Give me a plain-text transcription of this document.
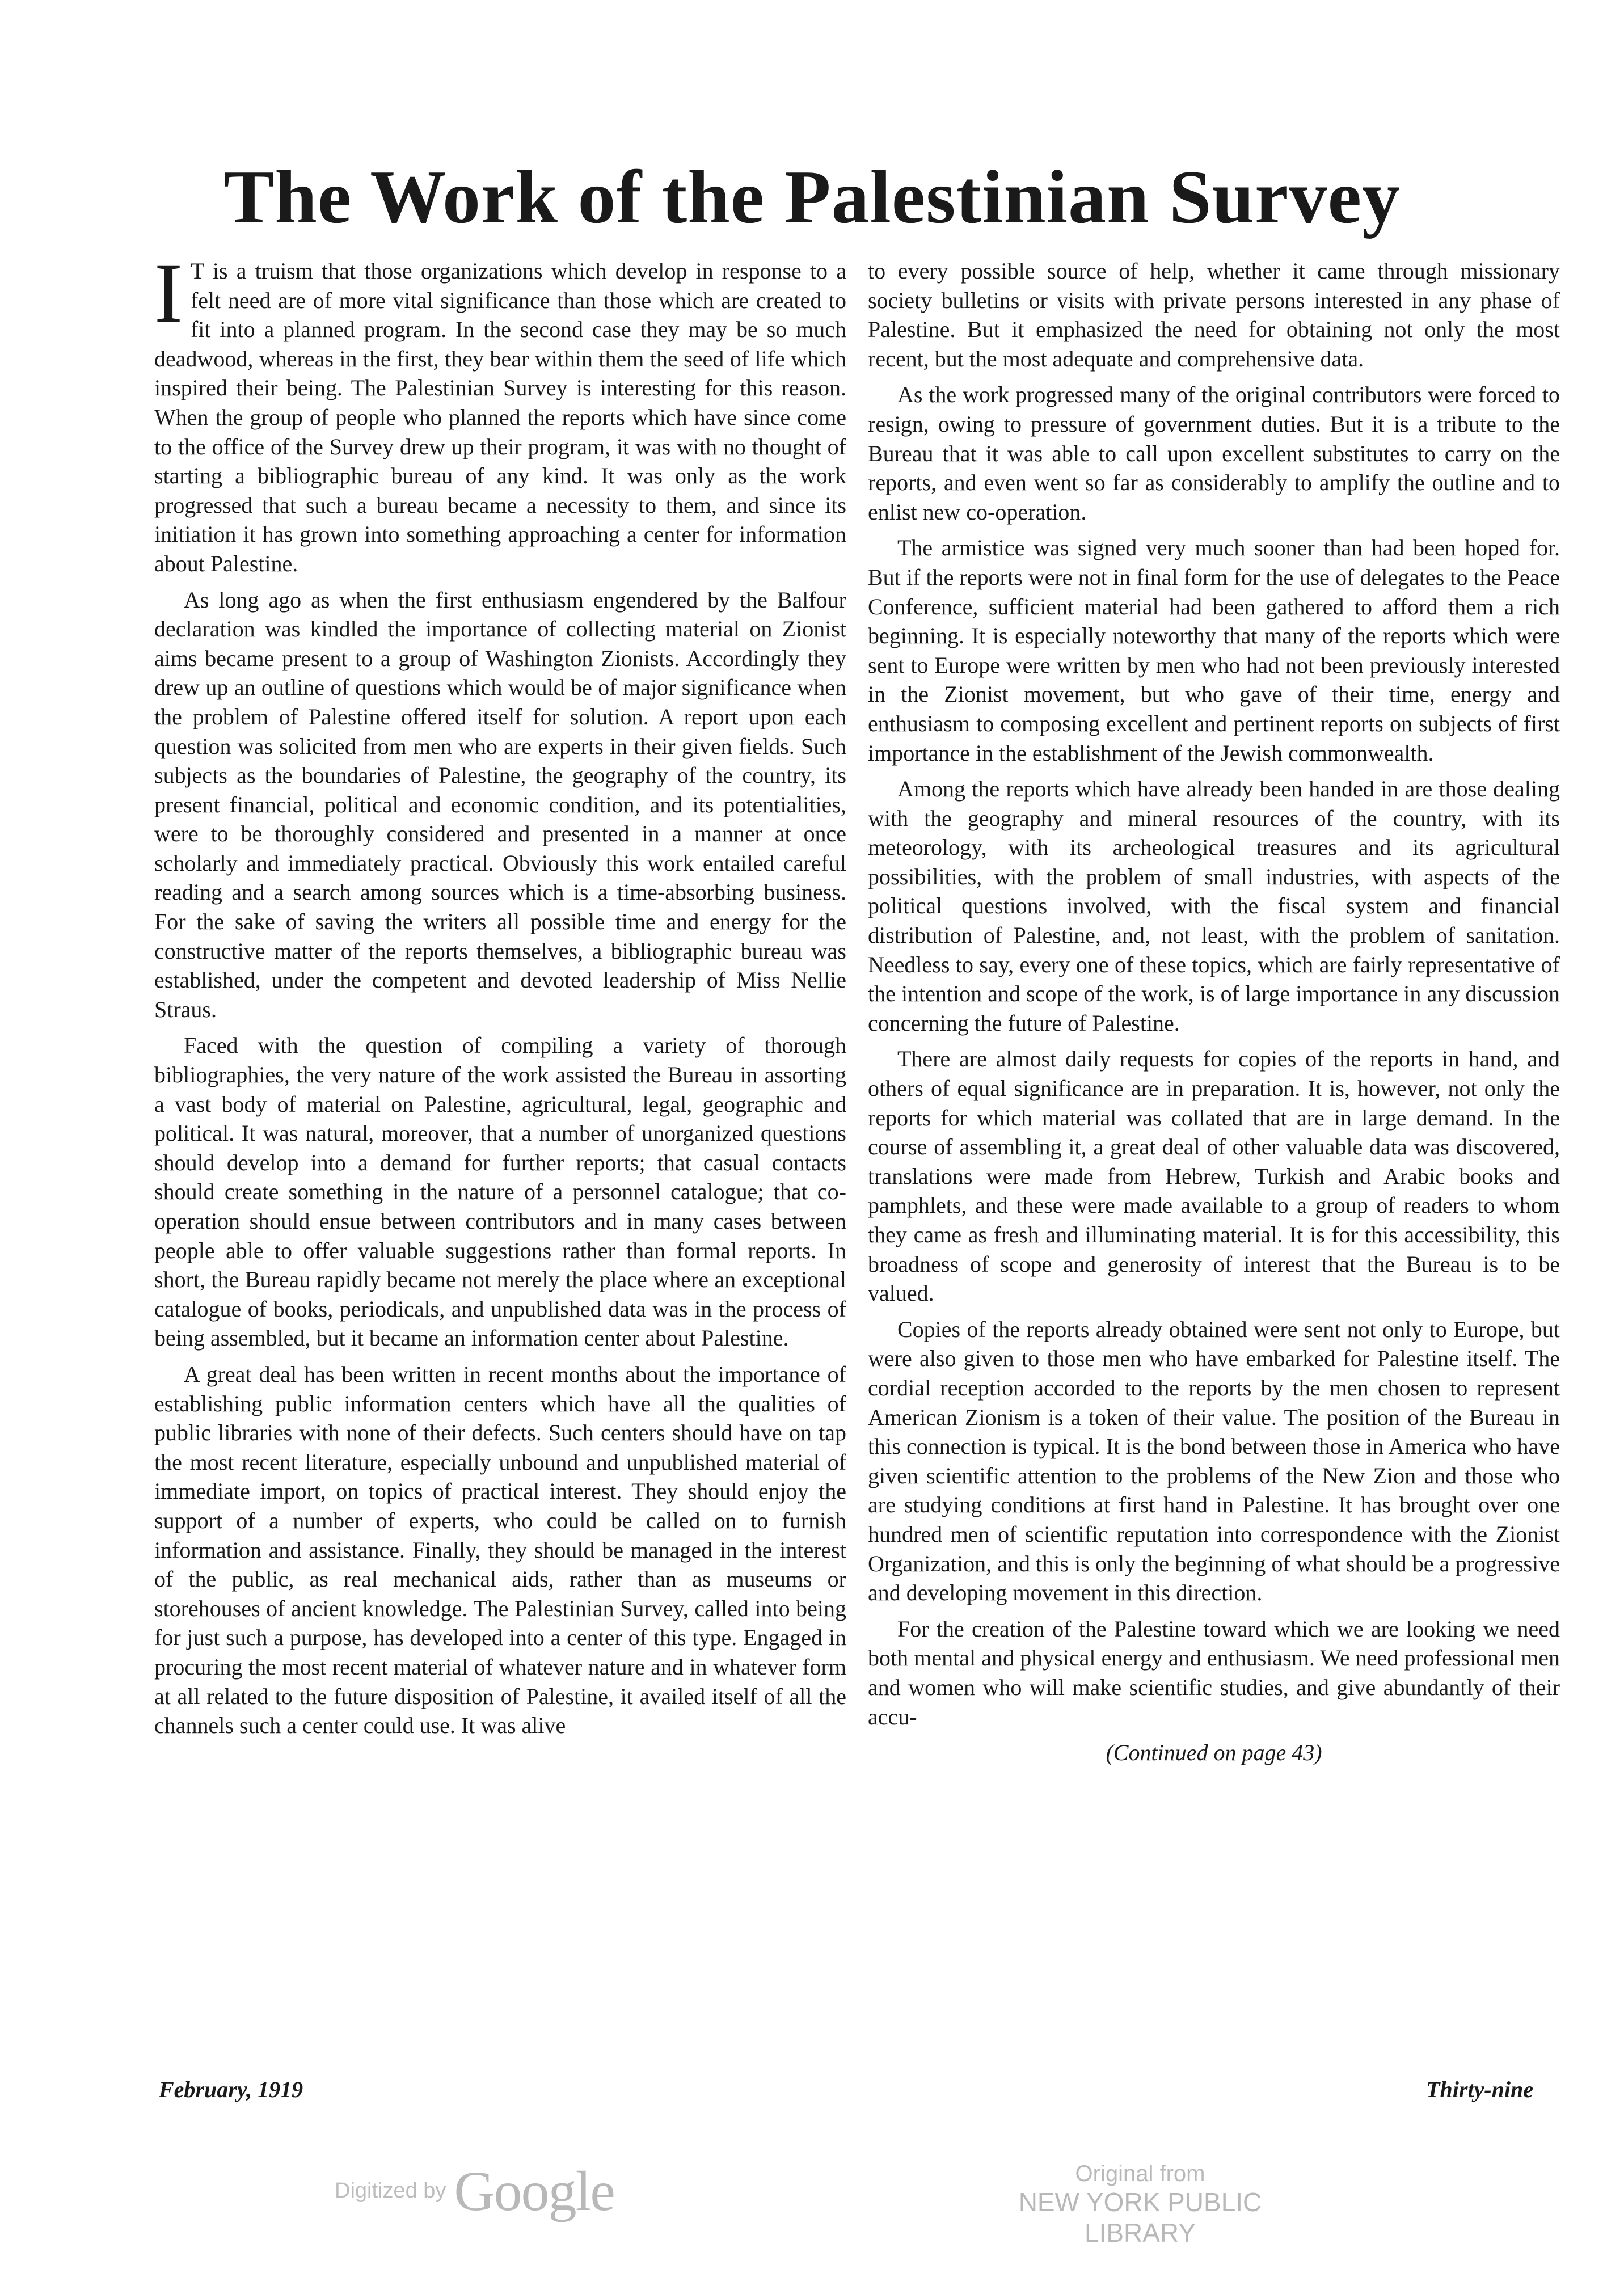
The Work of the Palestinian Survey

I T is a truism that those organizations which develop in response to a felt need are of more vital significance than those which are created to fit into a planned program. In the second case they may be so much deadwood, whereas in the first, they bear within them the seed of life which inspired their being. The Palestinian Survey is interesting for this reason. When the group of people who planned the reports which have since come to the office of the Survey drew up their program, it was with no thought of starting a bibliographic bureau of any kind. It was only as the work progressed that such a bureau became a necessity to them, and since its initiation it has grown into something approaching a center for information about Palestine.

As long ago as when the first enthusiasm engendered by the Balfour declaration was kindled the importance of collecting material on Zionist aims became present to a group of Washington Zionists. Accordingly they drew up an outline of questions which would be of major significance when the problem of Palestine offered itself for solution. A report upon each question was solicited from men who are experts in their given fields. Such subjects as the boundaries of Palestine, the geography of the country, its present financial, political and economic condition, and its potentialities, were to be thoroughly considered and presented in a manner at once scholarly and immediately practical. Obviously this work entailed careful reading and a search among sources which is a time-absorbing business. For the sake of saving the writers all possible time and energy for the constructive matter of the reports themselves, a bibliographic bureau was established, under the competent and devoted leadership of Miss Nellie Straus.

Faced with the question of compiling a variety of thorough bibliographies, the very nature of the work assisted the Bureau in assorting a vast body of material on Palestine, agricultural, legal, geographic and political. It was natural, moreover, that a number of unorganized questions should develop into a demand for further reports; that casual contacts should create something in the nature of a personnel catalogue; that co-operation should ensue between contributors and in many cases between people able to offer valuable suggestions rather than formal reports. In short, the Bureau rapidly became not merely the place where an exceptional catalogue of books, periodicals, and unpublished data was in the process of being assembled, but it became an information center about Palestine.

A great deal has been written in recent months about the importance of establishing public information centers which have all the qualities of public libraries with none of their defects. Such centers should have on tap the most recent literature, especially unbound and unpublished material of immediate import, on topics of practical interest. They should enjoy the support of a number of experts, who could be called on to furnish information and assistance. Finally, they should be managed in the interest of the public, as real mechanical aids, rather than as museums or storehouses of ancient knowledge. The Palestinian Survey, called into being for just such a purpose, has developed into a center of this type. Engaged in procuring the most recent material of whatever nature and in whatever form at all related to the future disposition of Palestine, it availed itself of all the channels such a center could use. It was alive

to every possible source of help, whether it came through missionary society bulletins or visits with private persons interested in any phase of Palestine. But it emphasized the need for obtaining not only the most recent, but the most adequate and comprehensive data.

As the work progressed many of the original contributors were forced to resign, owing to pressure of government duties. But it is a tribute to the Bureau that it was able to call upon excellent substitutes to carry on the reports, and even went so far as considerably to amplify the outline and to enlist new co-operation.

The armistice was signed very much sooner than had been hoped for. But if the reports were not in final form for the use of delegates to the Peace Conference, sufficient material had been gathered to afford them a rich beginning. It is especially noteworthy that many of the reports which were sent to Europe were written by men who had not been previously interested in the Zionist movement, but who gave of their time, energy and enthusiasm to composing excellent and pertinent reports on subjects of first importance in the establishment of the Jewish commonwealth.

Among the reports which have already been handed in are those dealing with the geography and mineral resources of the country, with its meteorology, with its archeological treasures and its agricultural possibilities, with the problem of small industries, with aspects of the political questions involved, with the fiscal system and financial distribution of Palestine, and, not least, with the problem of sanitation. Needless to say, every one of these topics, which are fairly representative of the intention and scope of the work, is of large importance in any discussion concerning the future of Palestine.

There are almost daily requests for copies of the reports in hand, and others of equal significance are in preparation. It is, however, not only the reports for which material was collated that are in large demand. In the course of assembling it, a great deal of other valuable data was discovered, translations were made from Hebrew, Turkish and Arabic books and pamphlets, and these were made available to a group of readers to whom they came as fresh and illuminating material. It is for this accessibility, this broadness of scope and generosity of interest that the Bureau is to be valued.

Copies of the reports already obtained were sent not only to Europe, but were also given to those men who have embarked for Palestine itself. The cordial reception accorded to the reports by the men chosen to represent American Zionism is a token of their value. The position of the Bureau in this connection is typical. It is the bond between those in America who have given scientific attention to the problems of the New Zion and those who are studying conditions at first hand in Palestine. It has brought over one hundred men of scientific reputation into correspondence with the Zionist Organization, and this is only the beginning of what should be a progressive and developing movement in this direction.

For the creation of the Palestine toward which we are looking we need both mental and physical energy and enthusiasm. We need professional men and women who will make scientific studies, and give abundantly of their accu-

(Continued on page 43)
February, 1919	Thirty-nine
Digitized by Google	Original from
NEW YORK PUBLIC LIBRARY
